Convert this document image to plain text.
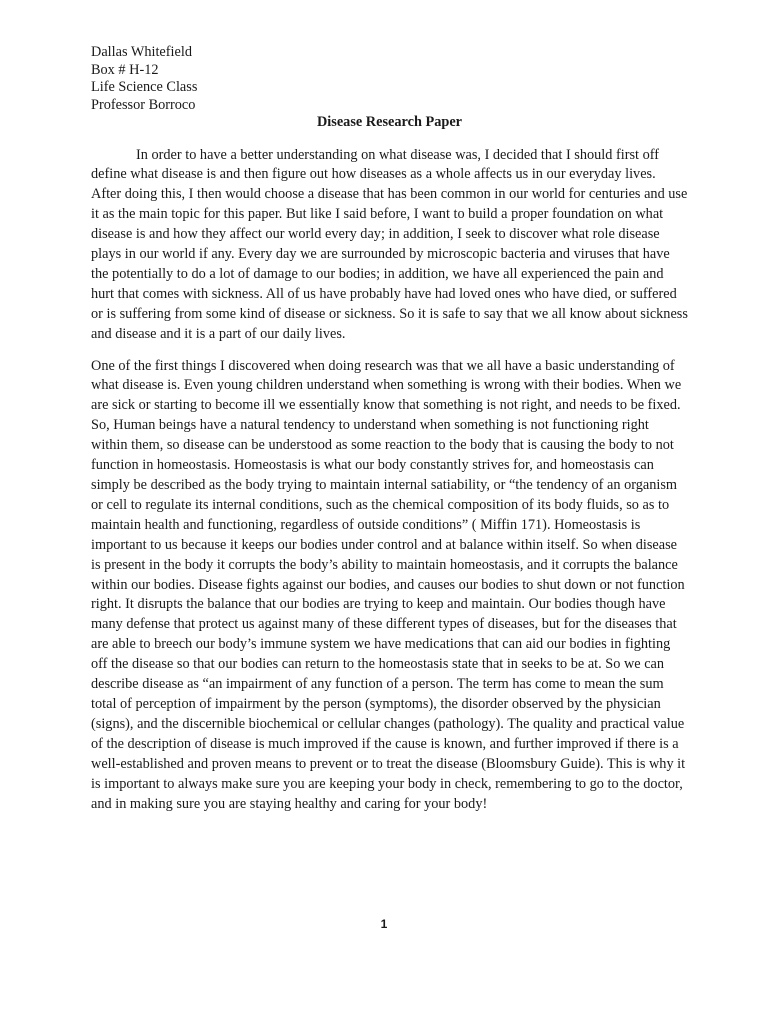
Dallas Whitefield

Box # H-12

Life Science Class

Professor Borroco

Disease Research Paper

In order to have a better understanding on what disease was, I decided that I should first off define what disease is and then figure out how diseases as a whole affects us in our everyday lives. After doing this, I then would choose a disease that has been common in our world for centuries and use it as the main topic for this paper. But like I said before, I want to build a proper foundation on what disease is and how they affect our world every day; in addition, I seek to discover what role disease plays in our world if any. Every day we are surrounded by microscopic bacteria and viruses that have the potentially to do a lot of damage to our bodies; in addition, we have all experienced the pain and hurt that comes with sickness. All of us have probably have had loved ones who have died, or suffered or is suffering from some kind of disease or sickness. So it is safe to say that we all know about sickness and disease and it is a part of our daily lives.

One of the first things I discovered when doing research was that we all have a basic understanding of what disease is. Even young children understand when something is wrong with their bodies. When we are sick or starting to become ill we essentially know that something is not right, and needs to be fixed. So, Human beings have a natural tendency to understand when something is not functioning right within them, so disease can be understood as some reaction to the body that is causing the body to not function in homeostasis. Homeostasis is what our body constantly strives for, and homeostasis can simply be described as the body trying to maintain internal satiability, or “the tendency of an organism or cell to regulate its internal conditions, such as the chemical composition of its body fluids, so as to maintain health and functioning, regardless of outside conditions” ( Miffin 171). Homeostasis is important to us because it keeps our bodies under control and at balance within itself. So when disease is present in the body it corrupts the body’s ability to maintain homeostasis, and it corrupts the balance within our bodies. Disease fights against our bodies, and causes our bodies to shut down or not function right. It disrupts the balance that our bodies are trying to keep and maintain. Our bodies though have many defense that protect us against many of these different types of diseases, but for the diseases that are able to breech our body’s immune system we have medications that can aid our bodies in fighting off the disease so that our bodies can return to the homeostasis state that in seeks to be at. So we can describe disease as “an impairment of any function of a person. The term has come to mean the sum total of perception of impairment by the person (symptoms), the disorder observed by the physician (signs), and the discernible biochemical or cellular changes (pathology). The quality and practical value of the description of disease is much improved if the cause is known, and further improved if there is a well-established and proven means to prevent or to treat the disease (Bloomsbury Guide). This is why it is important to always make sure you are keeping your body in check, remembering to go to the doctor, and in making sure you are staying healthy and caring for your body!

1
